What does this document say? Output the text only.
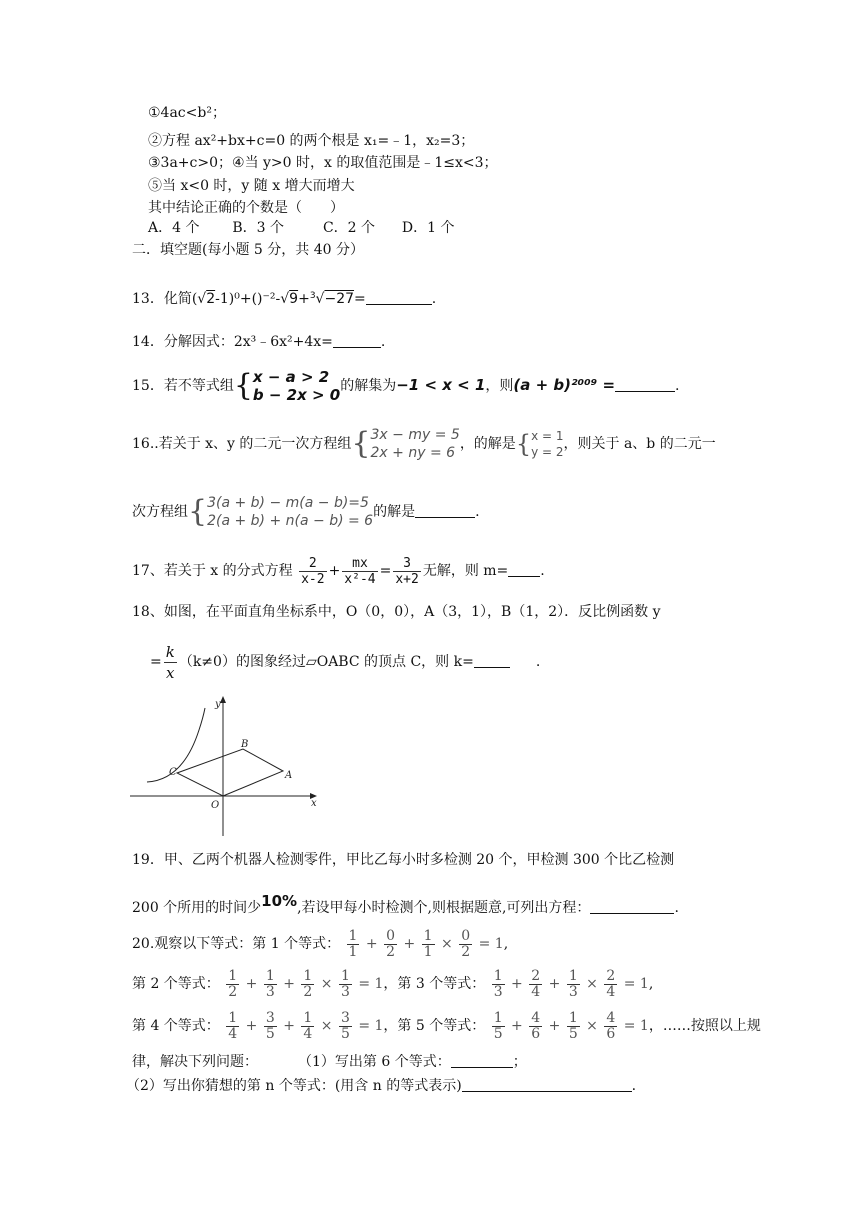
①4ac<b²；
②方程 ax²+bx+c=0 的两个根是 x₁=﹣1，x₂=3；
③3a+c>0；④当 y>0 时，x 的取值范围是﹣1≤x<3；
⑤当 x<0 时，y 随 x 增大而增大
其中结论正确的个数是（　　）
A．4 个 B．3 个	C．2 个 D．1 个
二．填空题(每小题 5 分，共 40 分）
13．化简(√2-1)⁰+()⁻²-√9+$^3$√−27=	.
14．分解因式：2x³﹣6x²+4x=	.
15．若不等式组{ x − a > 2
b − 2x > 0 的解集为−1 < x < 1，则(a + b)²⁰⁰⁹ =	.
16..若关于 x、y 的二元一次方程组{ 3x − my = 5
2x + ny = 6
，的解是{ x = 1
y = 2 ，则关于 a、b 的二元一
次方程组{ 3(a + b) − m(a − b)=5
2(a + b) + n(a − b) = 6
的解是	.
17、若关于 x 的分式方程 $\frac{2}{x-2} + \frac{mx}{\text{x²-4}} = \frac{3}{x+2}$ 无解，则 m= .
18、如图，在平面直角坐标系中，O（0，0），A（3，1），B（1，2）．反比例函数 y
= $\frac{k}{x} (k\ne 0)$的图象经过▱OABC 的顶点 C，则 k=	.
y
x
O
A
B
C
19．甲、乙两个机器人检测零件，甲比乙每小时多检测 20 个，甲检测 300 个比乙检测
200 个所用的时间少10%,若设甲每小时检测个,则根据题意,可列出方程：	.
20.观察以下等式：第 1 个等式： $\frac{1}{1} + \frac{0}{2} + \frac{1}{1} \times \frac{0}{2} = 1$,
第 2 个等式： $\frac{1}{2} + \frac{1}{3} + \frac{1}{2} \times \frac{1}{3} = 1$，第 3 个等式： $\frac{1}{3} + \frac{2}{4} + \frac{1}{3} \times \frac{2}{4} = 1$,
第 4 个等式： $\frac{1}{4} + \frac{3}{5} + \frac{1}{4} \times \frac{3}{5} = 1$，第 5 个等式： $\frac{1}{5} + \frac{4}{6} + \frac{1}{5} \times \frac{4}{6} = 1$，……按照以上规
律，解决下列问题：	（1）写出第 6 个等式：	；
（2）写出你猜想的第 n 个等式：(用含 n 的等式表示)	.
